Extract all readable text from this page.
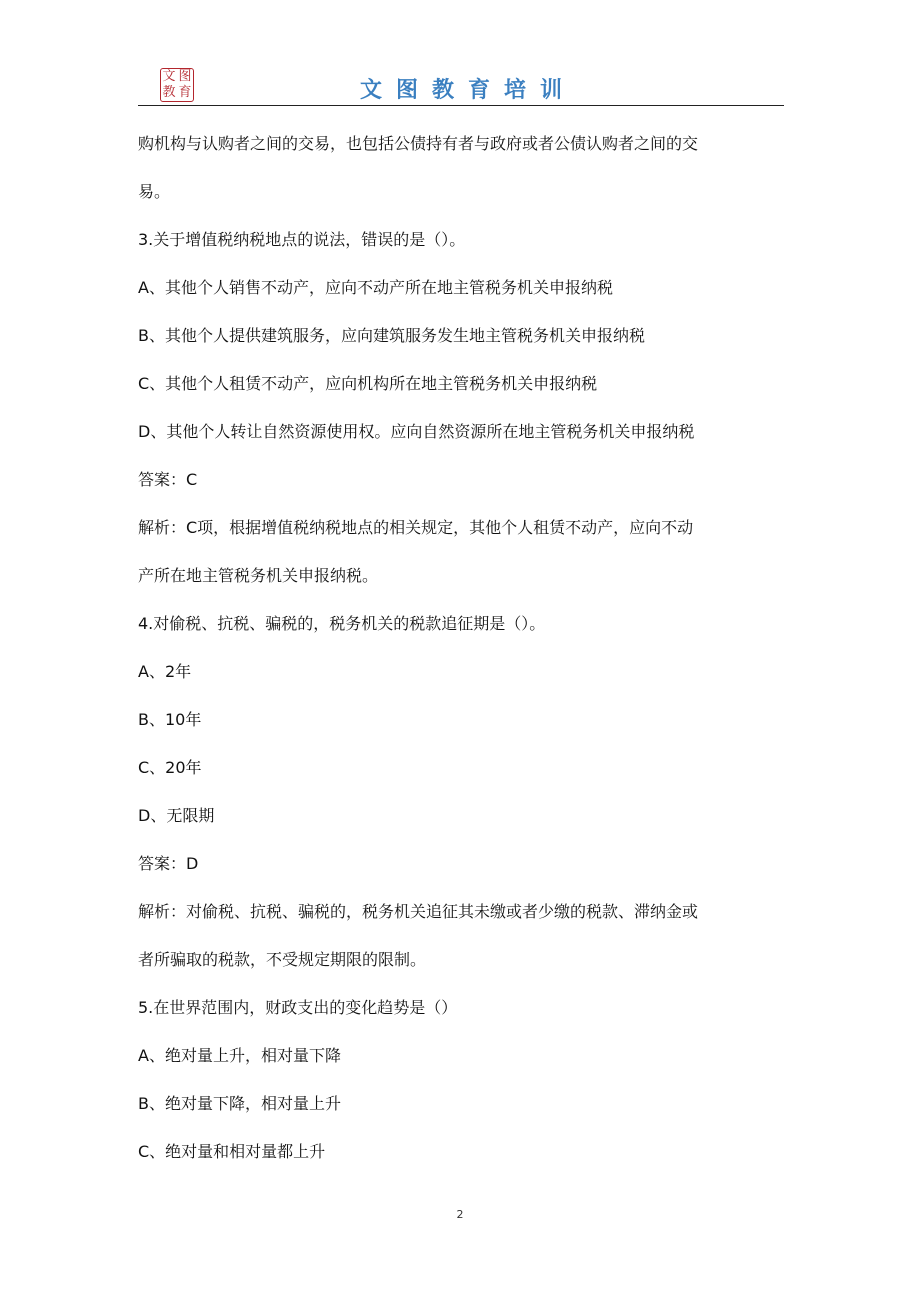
文 图
教 育	文图教育培训

购机构与认购者之间的交易，也包括公债持有者与政府或者公债认购者之间的交

易。

3.关于增值税纳税地点的说法，错误的是（）。

A、其他个人销售不动产，应向不动产所在地主管税务机关申报纳税

B、其他个人提供建筑服务，应向建筑服务发生地主管税务机关申报纳税

C、其他个人租赁不动产，应向机构所在地主管税务机关申报纳税

D、其他个人转让自然资源使用权。应向自然资源所在地主管税务机关申报纳税

答案：C

解析：C项，根据增值税纳税地点的相关规定，其他个人租赁不动产，应向不动

产所在地主管税务机关申报纳税。

4.对偷税、抗税、骗税的，税务机关的税款追征期是（）。

A、2年

B、10年

C、20年

D、无限期

答案：D

解析：对偷税、抗税、骗税的，税务机关追征其未缴或者少缴的税款、滞纳金或

者所骗取的税款，不受规定期限的限制。

5.在世界范围内，财政支出的变化趋势是（）

A、绝对量上升，相对量下降

B、绝对量下降，相对量上升

C、绝对量和相对量都上升

2
